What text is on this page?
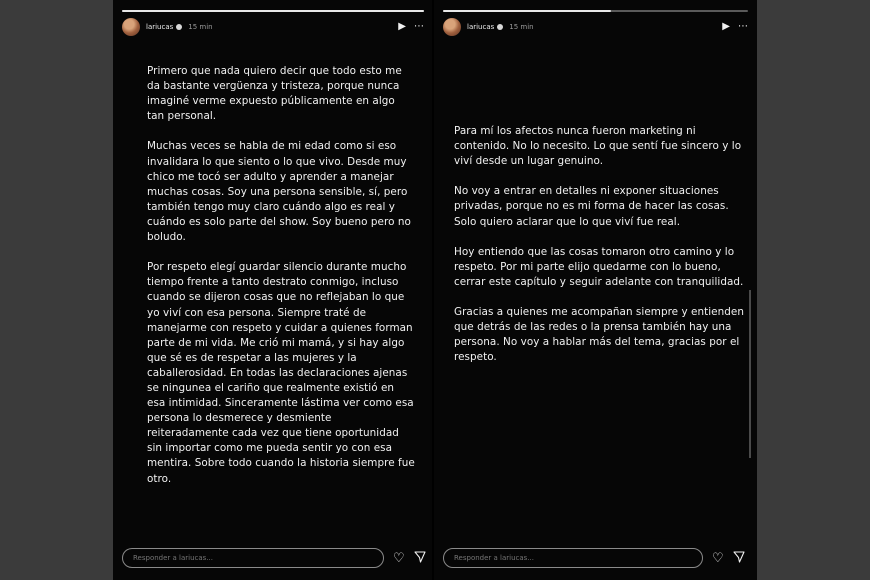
lariucas 15 min	▶ ⋯
Primero que nada quiero decir que todo esto me da bastante vergüenza y tristeza, porque nunca imaginé verme expuesto públicamente en algo tan personal.

Muchas veces se habla de mi edad como si eso invalidara lo que siento o lo que vivo. Desde muy chico me tocó ser adulto y aprender a manejar muchas cosas. Soy una persona sensible, sí, pero también tengo muy claro cuándo algo es real y cuándo es solo parte del show. Soy bueno pero no boludo.

Por respeto elegí guardar silencio durante mucho tiempo frente a tanto destrato conmigo, incluso cuando se dijeron cosas que no reflejaban lo que yo viví con esa persona. Siempre traté de manejarme con respeto y cuidar a quienes forman parte de mi vida. Me crió mi mamá, y si hay algo que sé es de respetar a las mujeres y la caballerosidad. En todas las declaraciones ajenas se ningunea el cariño que realmente existió en esa intimidad. Sinceramente lástima ver como esa persona lo desmerece y desmiente reiteradamente cada vez que tiene oportunidad sin importar como me pueda sentir yo con esa mentira. Sobre todo cuando la historia siempre fue otro.
Responder a lariucas...
♡
lariucas 15 min	▶ ⋯
Para mí los afectos nunca fueron marketing ni contenido. No lo necesito. Lo que sentí fue sincero y lo viví desde un lugar genuino.

No voy a entrar en detalles ni exponer situaciones privadas, porque no es mi forma de hacer las cosas. Solo quiero aclarar que lo que viví fue real.

Hoy entiendo que las cosas tomaron otro camino y lo respeto. Por mi parte elijo quedarme con lo bueno, cerrar este capítulo y seguir adelante con tranquilidad.

Gracias a quienes me acompañan siempre y entienden que detrás de las redes o la prensa también hay una persona. No voy a hablar más del tema, gracias por el respeto.
Responder a lariucas...
♡
